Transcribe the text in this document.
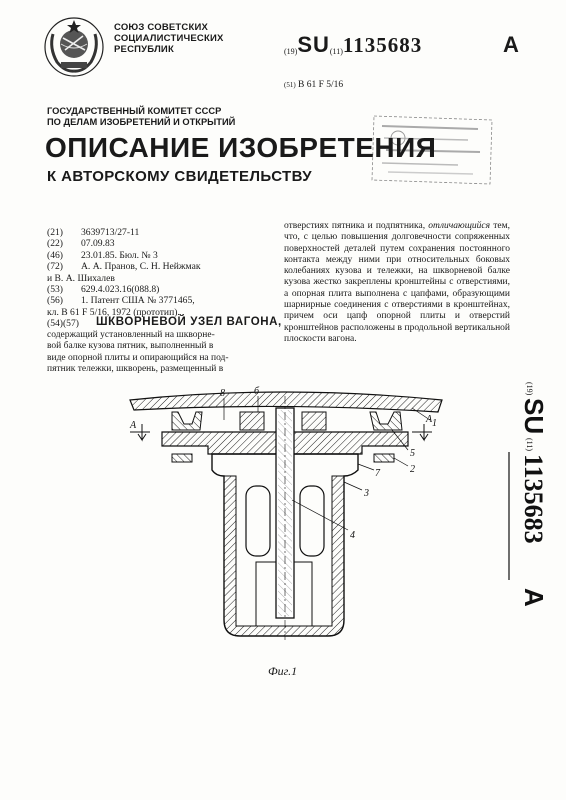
СОЮЗ СОВЕТСКИХ
СОЦИАЛИСТИЧЕСКИХ
РЕСПУБЛИК	(19)SU(11)1135683	A
(51) B 61 F 5/16
ГОСУДАРСТВЕННЫЙ КОМИТЕТ СССР
ПО ДЕЛАМ ИЗОБРЕТЕНИЙ И ОТКРЫТИЙ
ОПИСАНИЕ ИЗОБРЕТЕНИЯ
К АВТОРСКОМУ СВИДЕТЕЛЬСТВУ
(21)	3639713/27-11
(22)	07.09.83
(46)	23.01.85. Бюл. № 3
(72)	А. А. Пранов, С. Н. Нейжмак
и В. А. Шихалев
(53)	629.4.023.16(088.8)
(56)	1. Патент США № 3771465,
кл. В 61 F 5/16, 1972 (прототип).
(54)(57) ШКВОРНЕВОЙ УЗЕЛ ВАГОНА,
содержащий установленный на шкворне-
вой балке кузова пятник, выполненный в
виде опорной плиты и опирающийся на под-
пятник тележки, шкворень, размещенный в
отверстиях пятника и подпятника, отличающийся тем, что, с целью повышения долговечности сопряженных поверхностей деталей путем сохранения постоянного контакта между ними при относительных боковых колебаниях кузова и тележки, на шкворневой балке кузова жестко закреплены кронштейны с отверстиями, а опорная плита выполнена с цапфами, образующими шарнирные соединения с отверстиями в кронштейнах, причем оси цапф опорной плиты и отверстий кронштейнов расположены в продольной вертикальной плоскости вагона.
(19)
SU
(11)
1135683
A
1
2
3
4
5
7
б
8
А
А
Фиг.1
